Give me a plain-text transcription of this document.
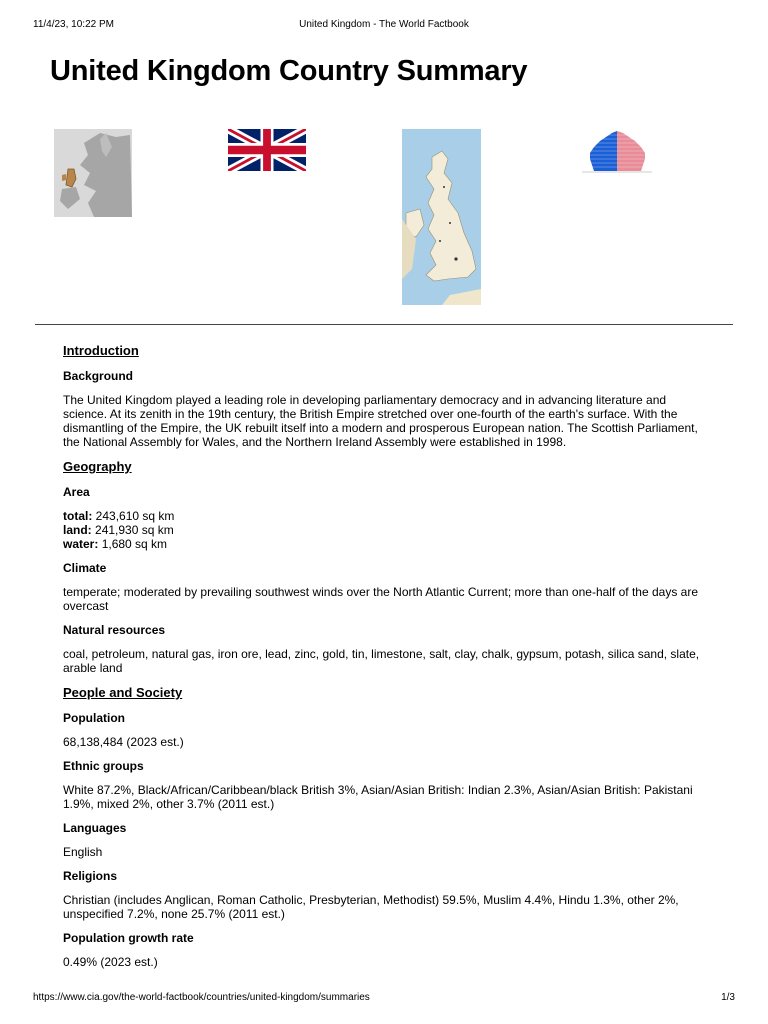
11/4/23, 10:22 PM	United Kingdom - The World Factbook
United Kingdom Country Summary
Introduction
Background
The United Kingdom played a leading role in developing parliamentary democracy and in advancing literature and science. At its zenith in the 19th century, the British Empire stretched over one-fourth of the earth's surface. With the dismantling of the Empire, the UK rebuilt itself into a modern and prosperous European nation. The Scottish Parliament, the National Assembly for Wales, and the Northern Ireland Assembly were established in 1998.
Geography
Area

total: 243,610 sq km

land: 241,930 sq km

water: 1,680 sq km

Climate
temperate; moderated by prevailing southwest winds over the North Atlantic Current; more than one-half of the days are overcast
Natural resources
coal, petroleum, natural gas, iron ore, lead, zinc, gold, tin, limestone, salt, clay, chalk, gypsum, potash, silica sand, slate, arable land
People and Society
Population
68,138,484 (2023 est.)
Ethnic groups
White 87.2%, Black/African/Caribbean/black British 3%, Asian/Asian British: Indian 2.3%, Asian/Asian British: Pakistani 1.9%, mixed 2%, other 3.7% (2011 est.)
Languages
English
Religions
Christian (includes Anglican, Roman Catholic, Presbyterian, Methodist) 59.5%, Muslim 4.4%, Hindu 1.3%, other 2%, unspecified 7.2%, none 25.7% (2011 est.)
Population growth rate
0.49% (2023 est.)
https://www.cia.gov/the-world-factbook/countries/united-kingdom/summaries	1/3
